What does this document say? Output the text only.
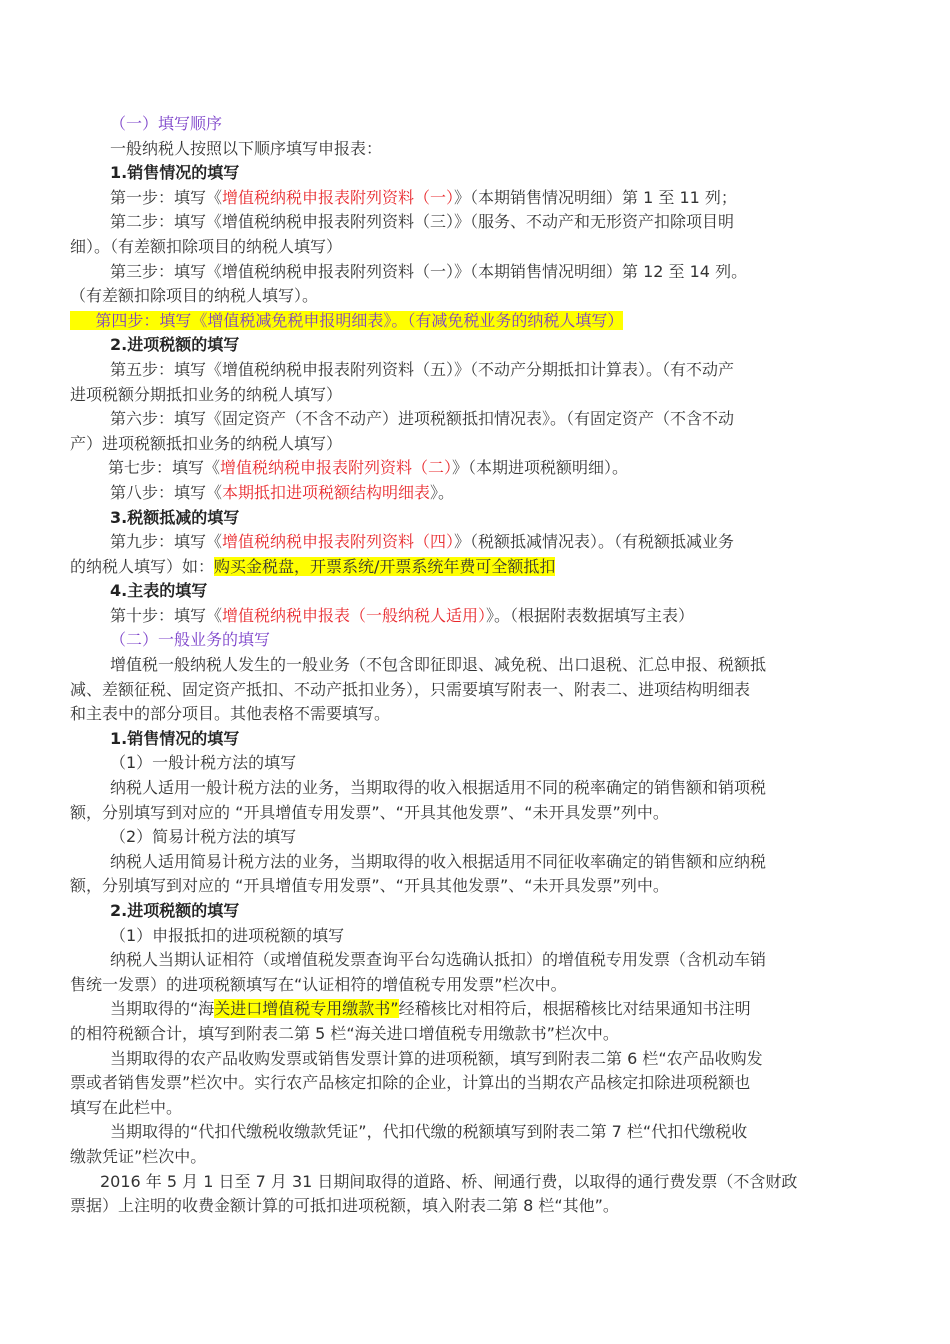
（一）填写顺序
一般纳税人按照以下顺序填写申报表：
1.销售情况的填写
第一步：填写《增值税纳税申报表附列资料（一）》（本期销售情况明细）第 1 至 11 列；
第二步：填写《增值税纳税申报表附列资料（三）》（服务、不动产和无形资产扣除项目明
细）。（有差额扣除项目的纳税人填写）
第三步：填写《增值税纳税申报表附列资料（一）》（本期销售情况明细）第 12 至 14 列。
（有差额扣除项目的纳税人填写）。
第四步：填写《增值税减免税申报明细表》。（有减免税业务的纳税人填写）
2.进项税额的填写
第五步：填写《增值税纳税申报表附列资料（五）》（不动产分期抵扣计算表）。（有不动产
进项税额分期抵扣业务的纳税人填写）
第六步：填写《固定资产（不含不动产）进项税额抵扣情况表》。（有固定资产（不含不动
产）进项税额抵扣业务的纳税人填写）
第七步：填写《增值税纳税申报表附列资料（二）》（本期进项税额明细）。
第八步：填写《本期抵扣进项税额结构明细表》。
3.税额抵减的填写
第九步：填写《增值税纳税申报表附列资料（四）》（税额抵减情况表）。（有税额抵减业务
的纳税人填写）如：购买金税盘，开票系统/开票系统年费可全额抵扣
4.主表的填写
第十步：填写《增值税纳税申报表（一般纳税人适用）》。（根据附表数据填写主表）
（二）一般业务的填写
增值税一般纳税人发生的一般业务（不包含即征即退、减免税、出口退税、汇总申报、税额抵
减、差额征税、固定资产抵扣、不动产抵扣业务），只需要填写附表一、附表二、进项结构明细表
和主表中的部分项目。其他表格不需要填写。
1.销售情况的填写
（1）一般计税方法的填写
纳税人适用一般计税方法的业务，当期取得的收入根据适用不同的税率确定的销售额和销项税
额，分别填写到对应的 “开具增值专用发票”、“开具其他发票”、“未开具发票”列中。
（2）简易计税方法的填写
纳税人适用简易计税方法的业务，当期取得的收入根据适用不同征收率确定的销售额和应纳税
额，分别填写到对应的 “开具增值专用发票”、“开具其他发票”、“未开具发票”列中。
2.进项税额的填写
（1）申报抵扣的进项税额的填写
纳税人当期认证相符（或增值税发票查询平台勾选确认抵扣）的增值税专用发票（含机动车销
售统一发票）的进项税额填写在“认证相符的增值税专用发票”栏次中。
当期取得的“海关进口增值税专用缴款书”经稽核比对相符后，根据稽核比对结果通知书注明
的相符税额合计，填写到附表二第 5 栏“海关进口增值税专用缴款书”栏次中。
当期取得的农产品收购发票或销售发票计算的进项税额，填写到附表二第 6 栏“农产品收购发
票或者销售发票”栏次中。实行农产品核定扣除的企业，计算出的当期农产品核定扣除进项税额也
填写在此栏中。
当期取得的“代扣代缴税收缴款凭证”，代扣代缴的税额填写到附表二第 7 栏“代扣代缴税收
缴款凭证”栏次中。
2016 年 5 月 1 日至 7 月 31 日期间取得的道路、桥、闸通行费，以取得的通行费发票（不含财政
票据）上注明的收费金额计算的可抵扣进项税额，填入附表二第 8 栏“其他”。
